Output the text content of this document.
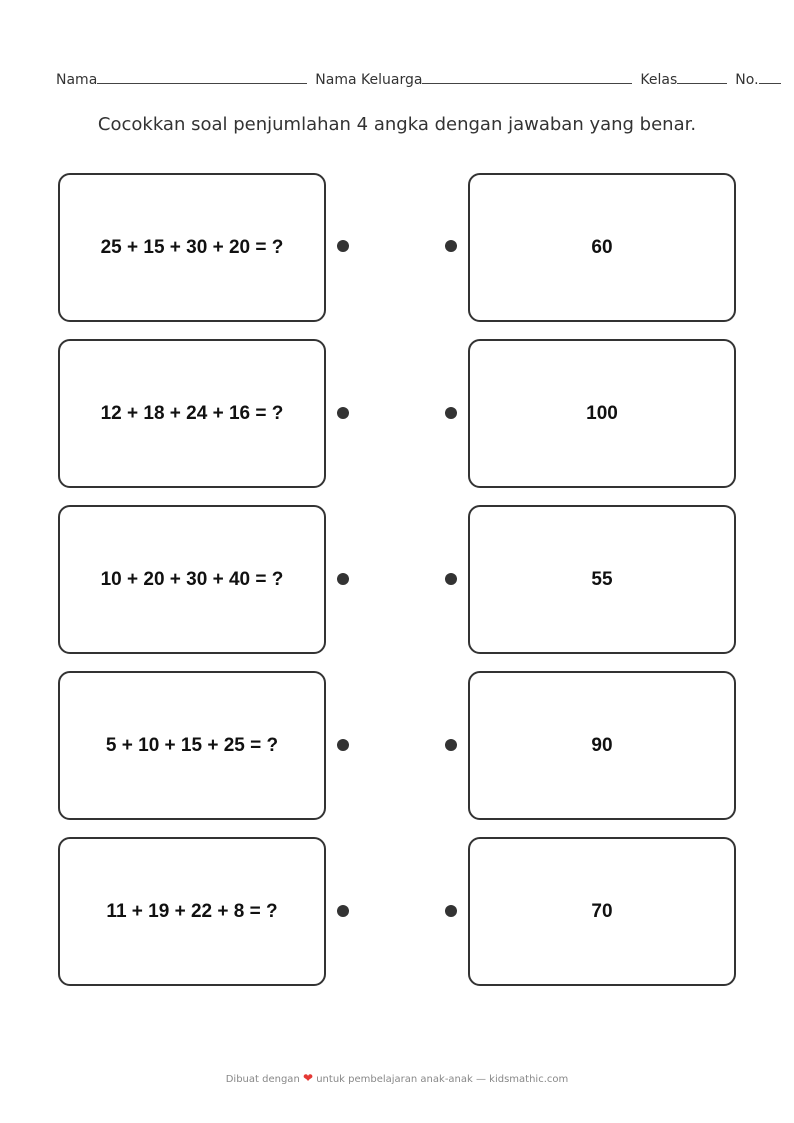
Nama	Nama Keluarga	Kelas	No.
Cocokkan soal penjumlahan 4 angka dengan jawaban yang benar.
25 + 15 + 30 + 20 = ?	60
12 + 18 + 24 + 16 = ?	100
10 + 20 + 30 + 40 = ?	55
5 + 10 + 15 + 25 = ?	90
11 + 19 + 22 + 8 = ?	70
Dibuat dengan ❤ untuk pembelajaran anak-anak — kidsmathic.com
